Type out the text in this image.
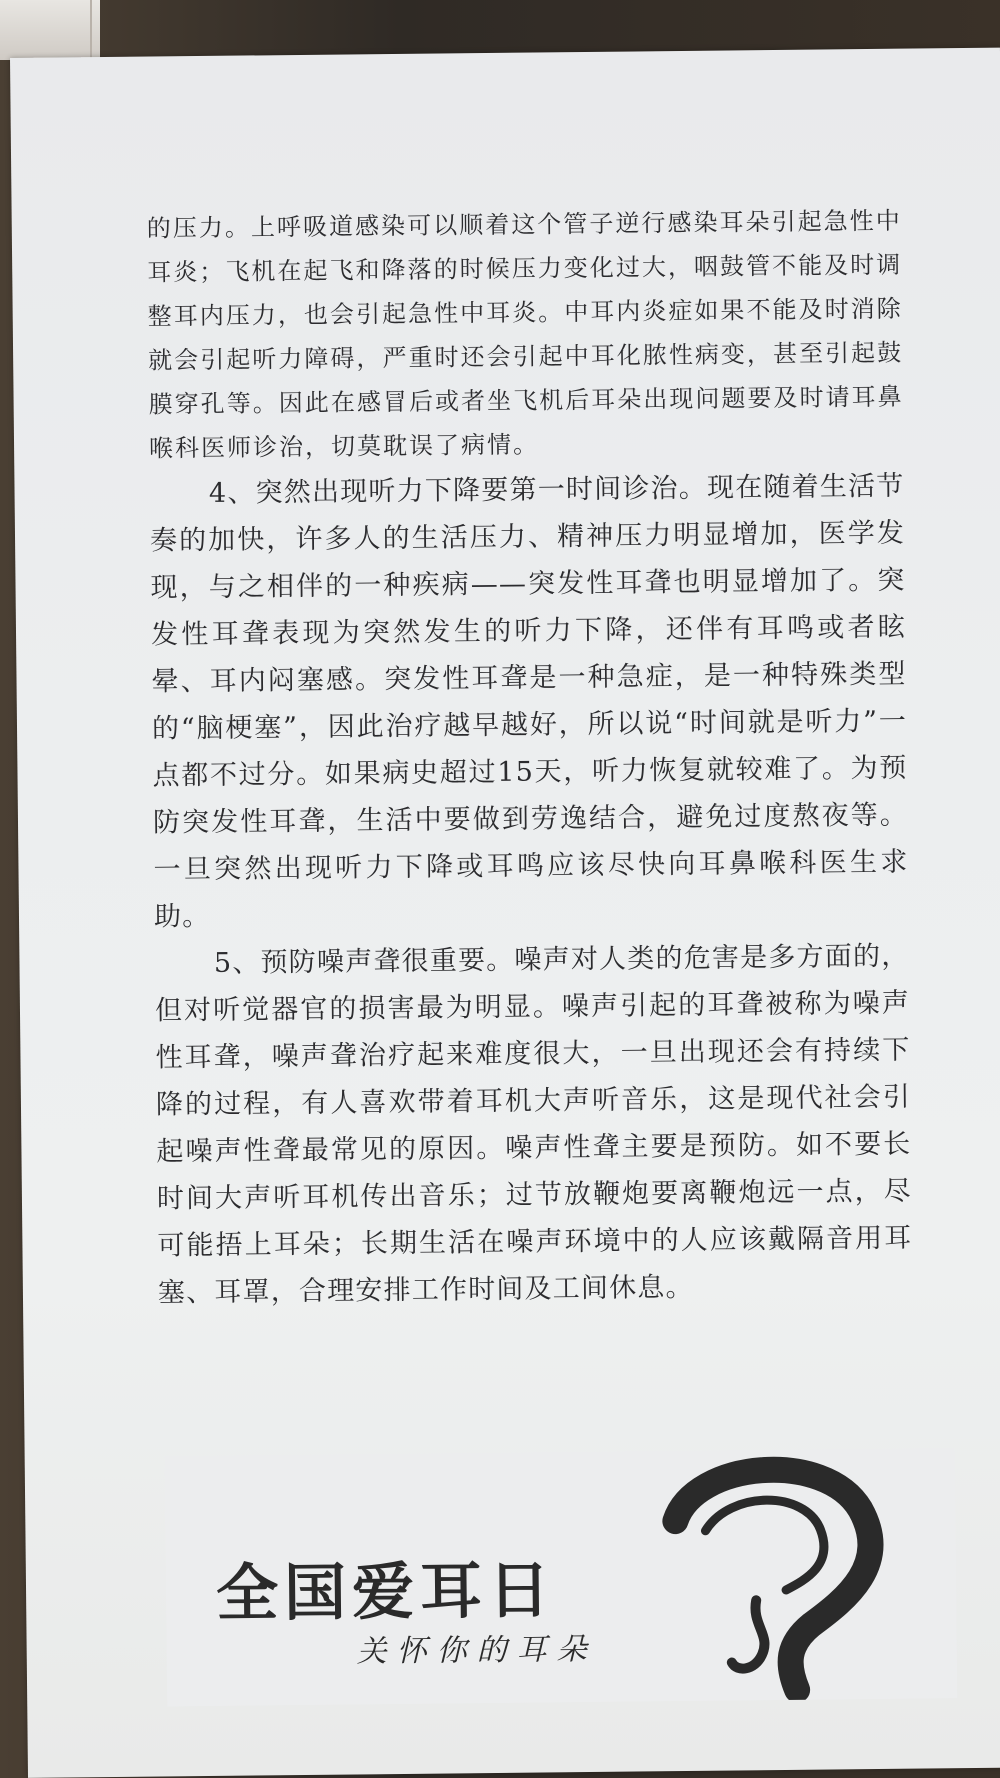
的压力。上呼吸道感染可以顺着这个管子逆行感染耳朵引起急性中耳炎；飞机在起飞和降落的时候压力变化过大，咽鼓管不能及时调整耳内压力，也会引起急性中耳炎。中耳内炎症如果不能及时消除就会引起听力障碍，严重时还会引起中耳化脓性病变，甚至引起鼓膜穿孔等。因此在感冒后或者坐飞机后耳朵出现问题要及时请耳鼻喉科医师诊治，切莫耽误了病情。

4、突然出现听力下降要第一时间诊治。现在随着生活节奏的加快，许多人的生活压力、精神压力明显增加，医学发现，与之相伴的一种疾病——突发性耳聋也明显增加了。突发性耳聋表现为突然发生的听力下降，还伴有耳鸣或者眩晕、耳内闷塞感。突发性耳聋是一种急症，是一种特殊类型的“脑梗塞”，因此治疗越早越好，所以说“时间就是听力”一点都不过分。如果病史超过15天，听力恢复就较难了。为预防突发性耳聋，生活中要做到劳逸结合，避免过度熬夜等。一旦突然出现听力下降或耳鸣应该尽快向耳鼻喉科医生求助。

5、预防噪声聋很重要。噪声对人类的危害是多方面的，但对听觉器官的损害最为明显。噪声引起的耳聋被称为噪声性耳聋，噪声聋治疗起来难度很大，一旦出现还会有持续下降的过程，有人喜欢带着耳机大声听音乐，这是现代社会引起噪声性聋最常见的原因。噪声性聋主要是预防。如不要长时间大声听耳机传出音乐；过节放鞭炮要离鞭炮远一点，尽可能捂上耳朵；长期生活在噪声环境中的人应该戴隔音用耳塞、耳罩，合理安排工作时间及工间休息。

全国爱耳日
关怀你的耳朵
